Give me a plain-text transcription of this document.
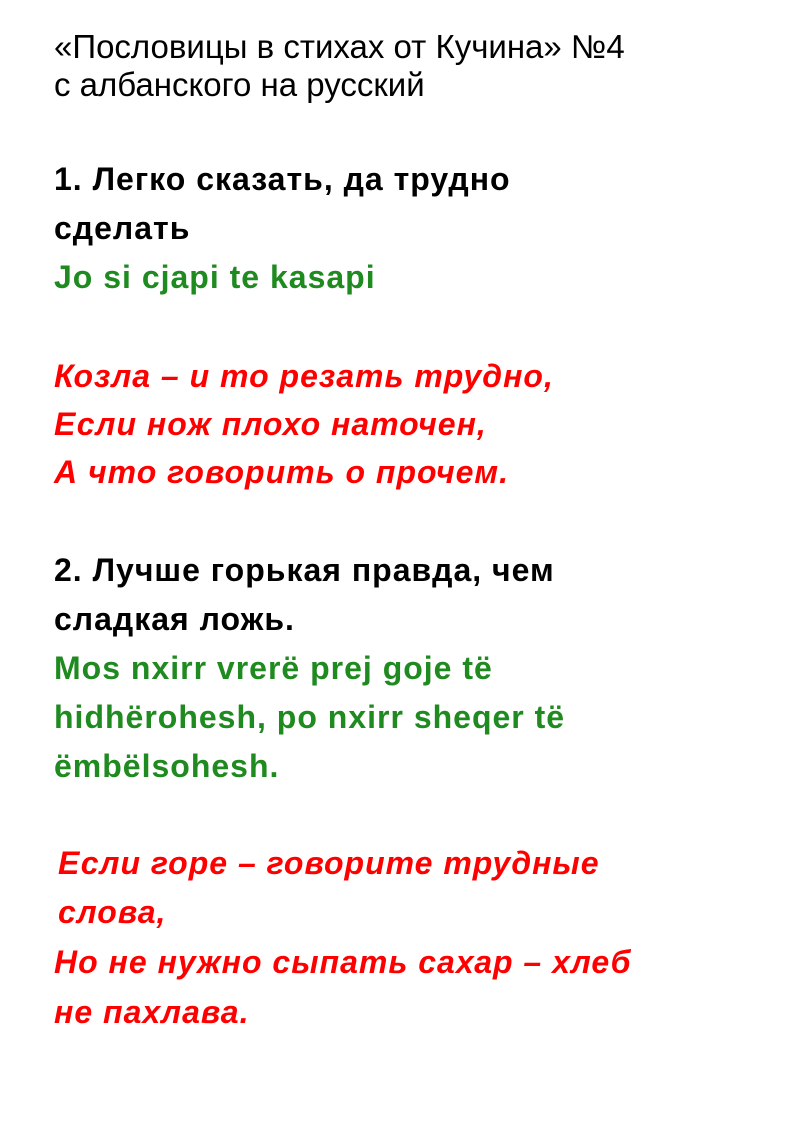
«Пословицы в стихах от Кучина» №4
с албанского на русский
1. Легко сказать, да трудно
сделать
Jo si cjapi te kasapi
Козла – и то резать трудно,
Если нож плохо наточен,
А что говорить о прочем.
2. Лучше горькая правда, чем
сладкая ложь.
Mos nxirr vrerë prej goje të
hidhërohesh, po nxirr sheqer të
ëmbëlsohesh.
Если горе – говорите трудные
слова,
Но не нужно сыпать сахар – хлеб
не пахлава.
